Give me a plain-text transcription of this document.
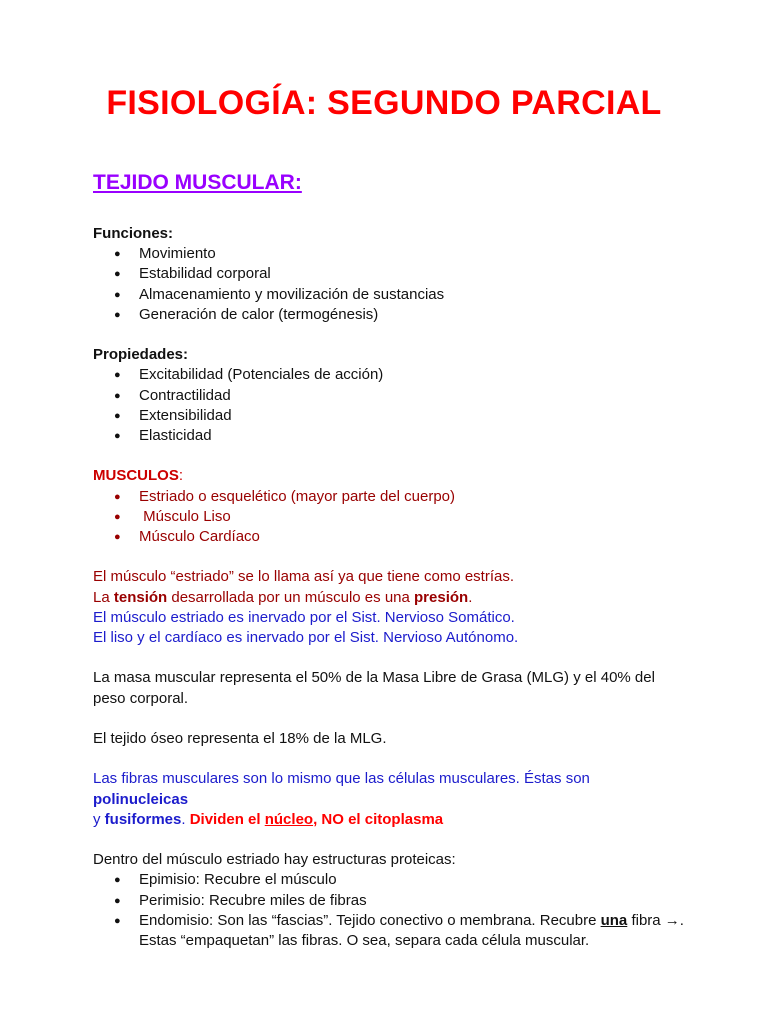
FISIOLOGÍA: SEGUNDO PARCIAL
TEJIDO MUSCULAR:

Funciones:

● Movimiento
● Estabilidad corporal
● Almacenamiento y movilización de sustancias
● Generación de calor (termogénesis)

Propiedades:

● Excitabilidad (Potenciales de acción)
● Contractilidad
● Extensibilidad
● Elasticidad

MUSCULOS:

● Estriado o esquelético (mayor parte del cuerpo)
●  Músculo Liso
● Músculo Cardíaco

El músculo “estriado” se lo llama así ya que tiene como estrías.

La tensión desarrollada por un músculo es una presión.

El músculo estriado es inervado por el Sist. Nervioso Somático.

El liso y el cardíaco es inervado por el Sist. Nervioso Autónomo.

La masa muscular representa el 50% de la Masa Libre de Grasa (MLG) y el 40% del peso corporal.

El tejido óseo representa el 18% de la MLG.

Las fibras musculares son lo mismo que las células musculares. Éstas son polinucleicas
y fusiformes. Dividen el núcleo, NO el citoplasma

Dentro del músculo estriado hay estructuras proteicas:

● Epimisio: Recubre el músculo
● Perimisio: Recubre miles de fibras
● Endomisio: Son las “fascias”. Tejido conectivo o membrana. Recubre una fibra →.
Estas “empaquetan” las fibras. O sea, separa cada célula muscular.
